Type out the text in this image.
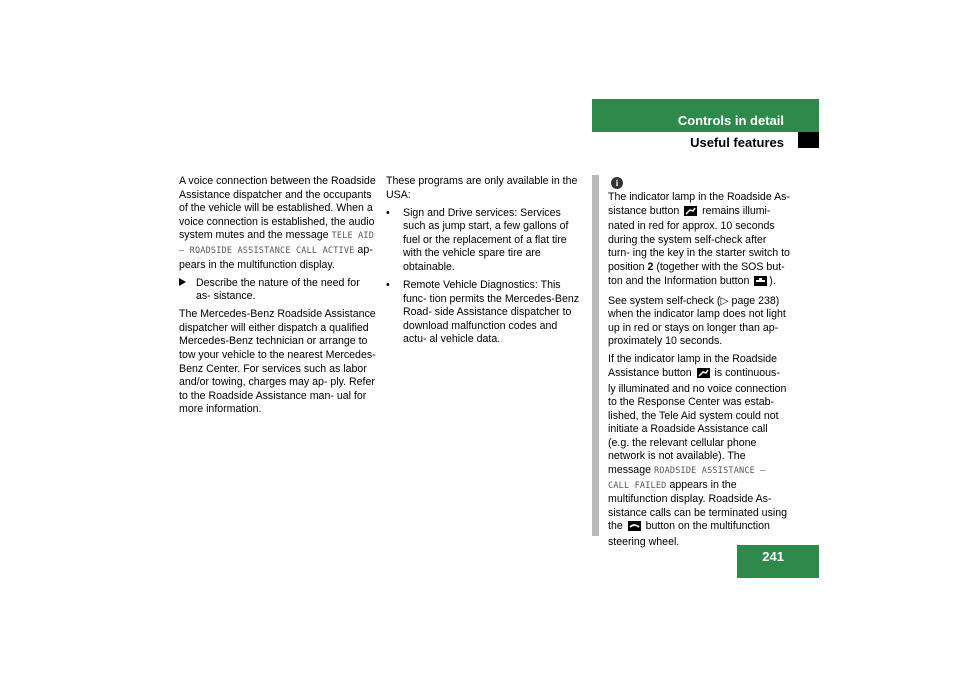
Controls in detail
Useful features

A voice connection between the Roadside Assistance dispatcher and the occupants of the vehicle will be established. When a voice connection is established, the audio system mutes and the message TELE AID – ROADSIDE ASSISTANCE CALL ACTIVE ap- pears in the multifunction display.

Describe the nature of the need for as- sistance.

The Mercedes-Benz Roadside Assistance dispatcher will either dispatch a qualified Mercedes-Benz technician or arrange to tow your vehicle to the nearest Mercedes-Benz Center. For services such as labor and/or towing, charges may ap- ply. Refer to the Roadside Assistance man- ual for more information.

These programs are only available in the USA:

• Sign and Drive services: Services such as jump start, a few gallons of fuel or the replacement of a flat tire with the vehicle spare tire are obtainable.
• Remote Vehicle Diagnostics: This func- tion permits the Mercedes-Benz Road- side Assistance dispatcher to download malfunction codes and actu- al vehicle data.
i

The indicator lamp in the Roadside As- sistance button  remains illumi- nated in red for approx. 10 seconds during the system self-check after turn- ing the key in the starter switch to position 2 (together with the SOS but- ton and the Information button ).

See system self-check (▷ page 238) when the indicator lamp does not light up in red or stays on longer than ap- proximately 10 seconds.

If the indicator lamp in the Roadside Assistance button  is continuous- ly illuminated and no voice connection to the Response Center was estab- lished, the Tele Aid system could not initiate a Roadside Assistance call (e.g. the relevant cellular phone network is not available). The message ROADSIDE ASSISTANCE – CALL FAILED appears in the multifunction display. Roadside As- sistance calls can be terminated using the  button on the multifunction steering wheel.

241
